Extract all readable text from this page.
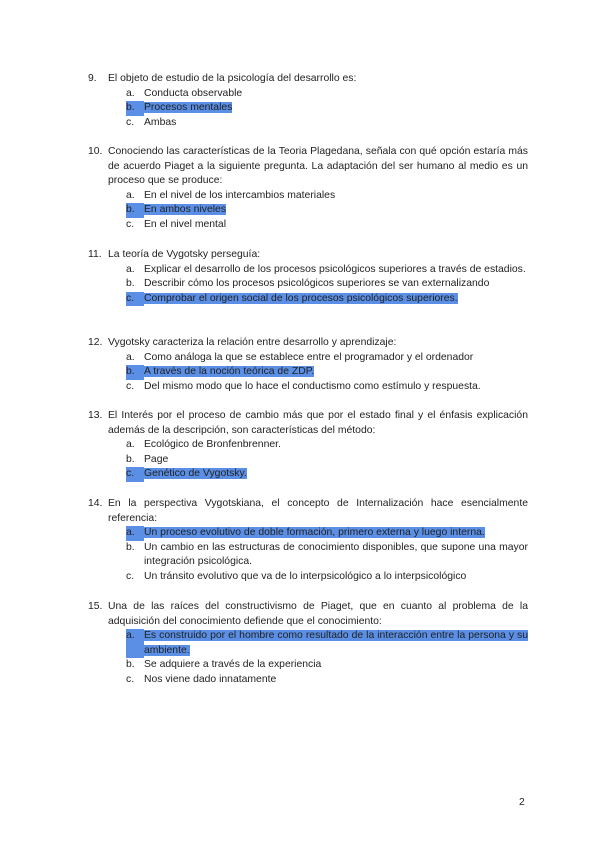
9.	El objeto de estudio de la psicología del desarrollo es:
a. Conducta observable
b. Procesos mentales
c. Ambas
10. Conociendo las características de la Teoria Plagedana, señala con qué opción estaría más de acuerdo Piaget a la siguiente pregunta. La adaptación del ser humano al medio es un proceso que se produce:
a. En el nivel de los intercambios materiales
b. En ambos niveles
c. En el nivel mental
11. La teoría de Vygotsky perseguía:
a. Explicar el desarrollo de los procesos psicológicos superiores a través de estadios.
b. Describir cómo los procesos psicológicos superiores se van externalizando
c. Comprobar el origen social de los procesos psicológicos superiores.
12. Vygotsky caracteriza la relación entre desarrollo y aprendizaje:
a. Como análoga la que se establece entre el programador y el ordenador
b. A través de la noción teórica de ZDP.
c. Del mismo modo que lo hace el conductismo como estímulo y respuesta.
13. El Interés por el proceso de cambio más que por el estado final y el énfasis explicación además de la descripción, son características del método:
a. Ecológico de Bronfenbrenner.
b. Page
c. Genético de Vygotsky.
14. En la perspectiva Vygotskiana, el concepto de Internalización hace esencialmente referencia:
a. Un proceso evolutivo de doble formación, primero externa y luego interna.
b. Un cambio en las estructuras de conocimiento disponibles, que supone una mayor integración psicológica.
c. Un tránsito evolutivo que va de lo interpsicológico a lo interpsicológico
15. Una de las raíces del constructivismo de Piaget, que en cuanto al problema de la adquisición del conocimiento defiende que el conocimiento:
a. Es construido por el hombre como resultado de la interacción entre la persona y su ambiente.
b. Se adquiere a través de la experiencia
c. Nos viene dado innatamente
2
